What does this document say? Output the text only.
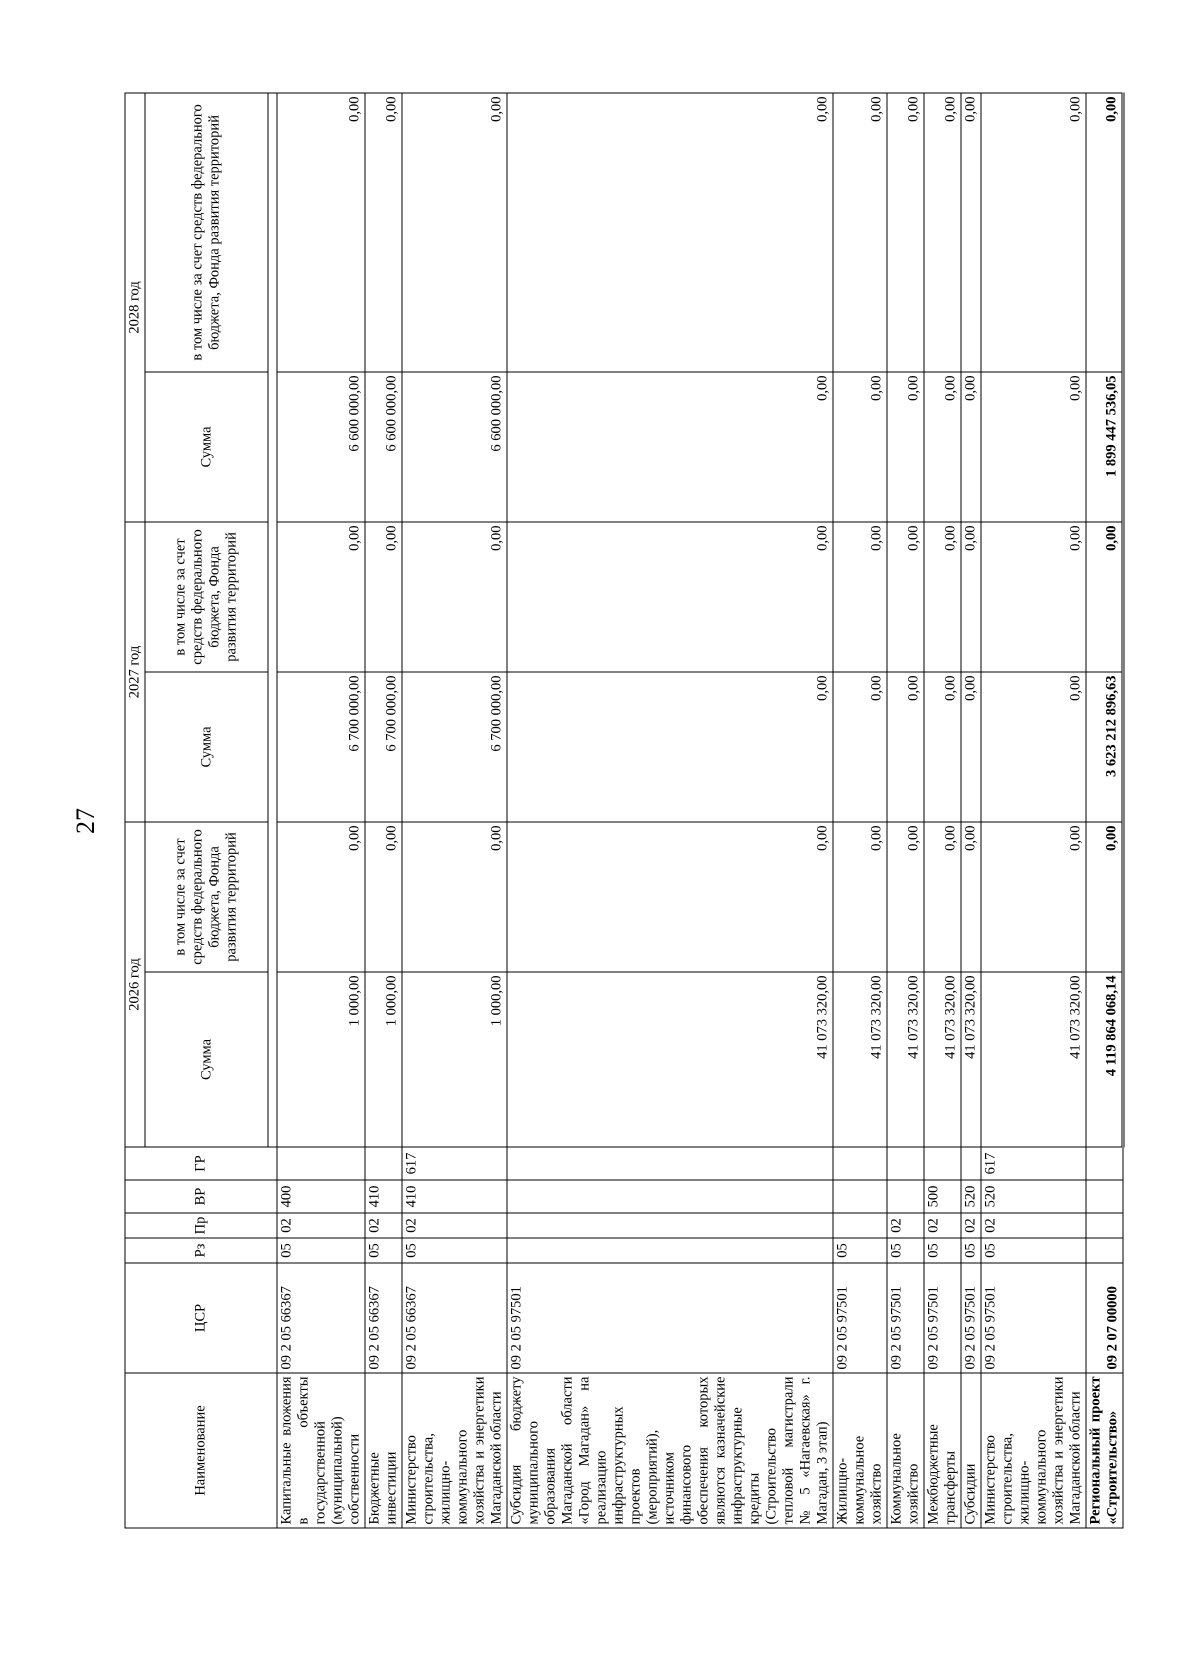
27
Наименование	ЦСР	Рз	Пр	ВР	ГР	2026 год		2027 год		2028 год	
						Сумма	в том числе за счет средств федерального бюджета, Фонда развития территорий	Сумма	в том числе за счет средств федерального бюджета, Фонда развития территорий	Сумма	в том числе за счет средств федерального бюджета, Фонда развития территорий

Капитальные вложения в объекты государственной (муниципальной) собственности	09 2 05 66367	05	02	400		1 000,00	0,00	6 700 000,00	0,00	6 600 000,00	0,00
Бюджетные инвестиции	09 2 05 66367	05	02	410		1 000,00	0,00	6 700 000,00	0,00	6 600 000,00	0,00
Министерство строительства, жилищно-коммунального хозяйства и энергетики Магаданской области	09 2 05 66367	05	02	410	617	1 000,00	0,00	6 700 000,00	0,00	6 600 000,00	0,00
Субсидия бюджету муниципального образования Магаданской области «Город Магадан» на реализацию инфраструктурных проектов (мероприятий), источником финансового обеспечения которых являются казначейские инфраструктурные кредиты (Строительство тепловой магистрали № 5 «Нагаевская» г. Магадан, 3 этап)	09 2 05 97501					41 073 320,00	0,00	0,00	0,00	0,00	0,00
Жилищно-коммунальное хозяйство	09 2 05 97501	05				41 073 320,00	0,00	0,00	0,00	0,00	0,00
Коммунальное хозяйство	09 2 05 97501	05	02			41 073 320,00	0,00	0,00	0,00	0,00	0,00
Межбюджетные трансферты	09 2 05 97501	05	02	500		41 073 320,00	0,00	0,00	0,00	0,00	0,00
Субсидии	09 2 05 97501	05	02	520		41 073 320,00	0,00	0,00	0,00	0,00	0,00
Министерство строительства, жилищно-коммунального хозяйства и энергетики Магаданской области	09 2 05 97501	05	02	520	617	41 073 320,00	0,00	0,00	0,00	0,00	0,00
Региональный проект «Строительство»	09 2 07 00000					4 119 864 068,14	0,00	3 623 212 896,63	0,00	1 899 447 536,05	0,00
